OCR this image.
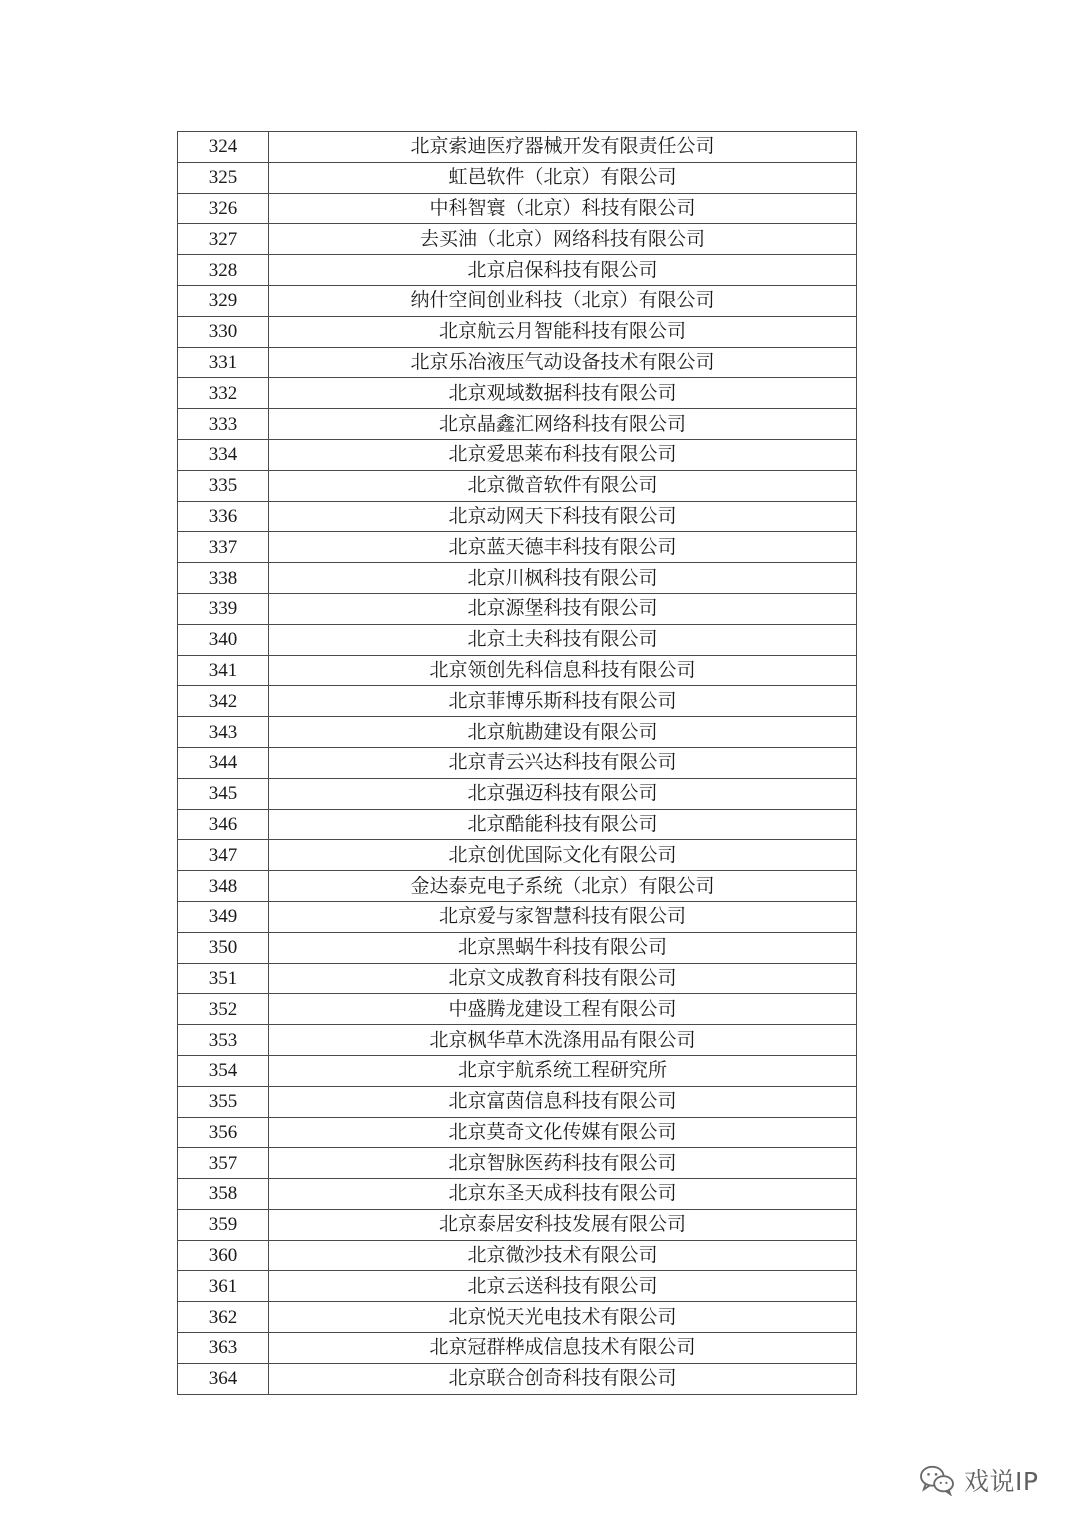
324	北京索迪医疗器械开发有限责任公司
325	虹邑软件（北京）有限公司
326	中科智寰（北京）科技有限公司
327	去买油（北京）网络科技有限公司
328	北京启保科技有限公司
329	纳什空间创业科技（北京）有限公司
330	北京航云月智能科技有限公司
331	北京乐冶液压气动设备技术有限公司
332	北京观域数据科技有限公司
333	北京晶鑫汇网络科技有限公司
334	北京爱思莱布科技有限公司
335	北京微音软件有限公司
336	北京动网天下科技有限公司
337	北京蓝天德丰科技有限公司
338	北京川枫科技有限公司
339	北京源堡科技有限公司
340	北京土夫科技有限公司
341	北京领创先科信息科技有限公司
342	北京菲博乐斯科技有限公司
343	北京航勘建设有限公司
344	北京青云兴达科技有限公司
345	北京强迈科技有限公司
346	北京酷能科技有限公司
347	北京创优国际文化有限公司
348	金达泰克电子系统（北京）有限公司
349	北京爱与家智慧科技有限公司
350	北京黑蜗牛科技有限公司
351	北京文成教育科技有限公司
352	中盛腾龙建设工程有限公司
353	北京枫华草木洗涤用品有限公司
354	北京宇航系统工程研究所
355	北京富茵信息科技有限公司
356	北京莫奇文化传媒有限公司
357	北京智脉医药科技有限公司
358	北京东圣天成科技有限公司
359	北京泰居安科技发展有限公司
360	北京微沙技术有限公司
361	北京云送科技有限公司
362	北京悦天光电技术有限公司
363	北京冠群桦成信息技术有限公司
364	北京联合创奇科技有限公司
戏说IP
